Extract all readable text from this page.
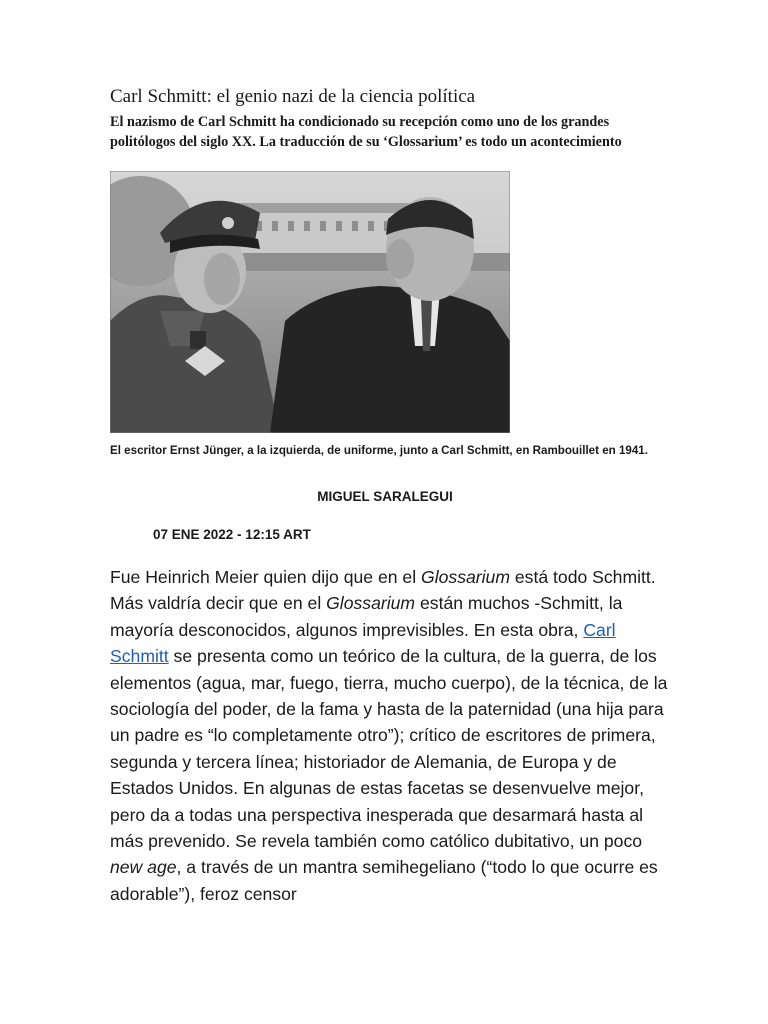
Carl Schmitt: el genio nazi de la ciencia política
El nazismo de Carl Schmitt ha condicionado su recepción como uno de los grandes politólogos del siglo XX. La traducción de su ‘Glossarium’ es todo un acontecimiento
El escritor Ernst Jünger, a la izquierda, de uniforme, junto a Carl Schmitt, en Rambouillet en 1941.
MIGUEL SARALEGUI
07 ENE 2022 - 12:15 ART

Fue Heinrich Meier quien dijo que en el Glossarium está todo Schmitt. Más valdría decir que en el Glossarium están muchos -Schmitt, la mayoría desconocidos, algunos imprevisibles. En esta obra, Carl Schmitt se presenta como un teórico de la cultura, de la guerra, de los elementos (agua, mar, fuego, tierra, mucho cuerpo), de la técnica, de la sociología del poder, de la fama y hasta de la paternidad (una hija para un padre es “lo completamente otro”); crítico de escritores de primera, segunda y tercera línea; historiador de Alemania, de Europa y de Estados Unidos. En algunas de estas facetas se desenvuelve mejor, pero da a todas una perspectiva inesperada que desarmará hasta al más prevenido. Se revela también como católico dubitativo, un poco new age, a través de un mantra semihegeliano (“todo lo que ocurre es adorable”), feroz censor
